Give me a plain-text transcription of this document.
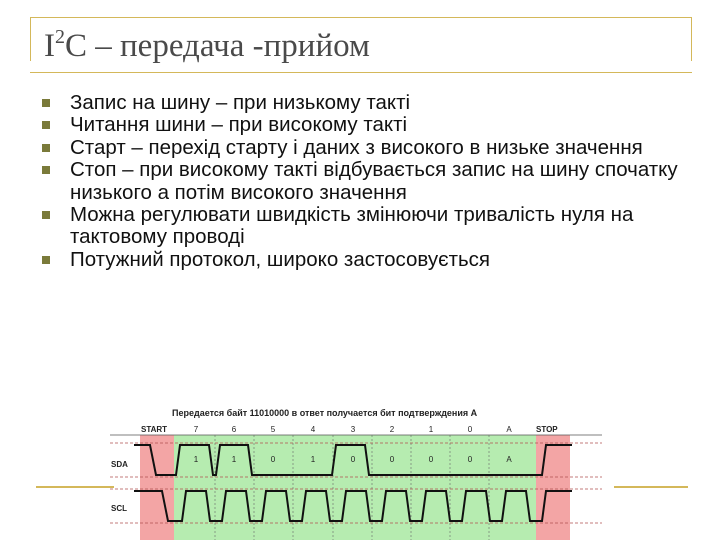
$I^2C$ – передача -прийом
Запис на шину – при низькому такті
Читання шини – при високому такті
Старт – перехід старту і даних з високого в низьке значення
Стоп – при високому такті відбувається запис на шину спочатку низького а потім високого значення
Можна регулювати швидкість змінюючи тривалість нуля на тактовому проводі
Потужний протокол, широко застосовується
Передается байт 11010000 в ответ получается бит подтверждения A
START	STOP
7	6	5	4	3	2	1	0	A
SDA
SCL
1	1	0	1	0	0	0	0	A
